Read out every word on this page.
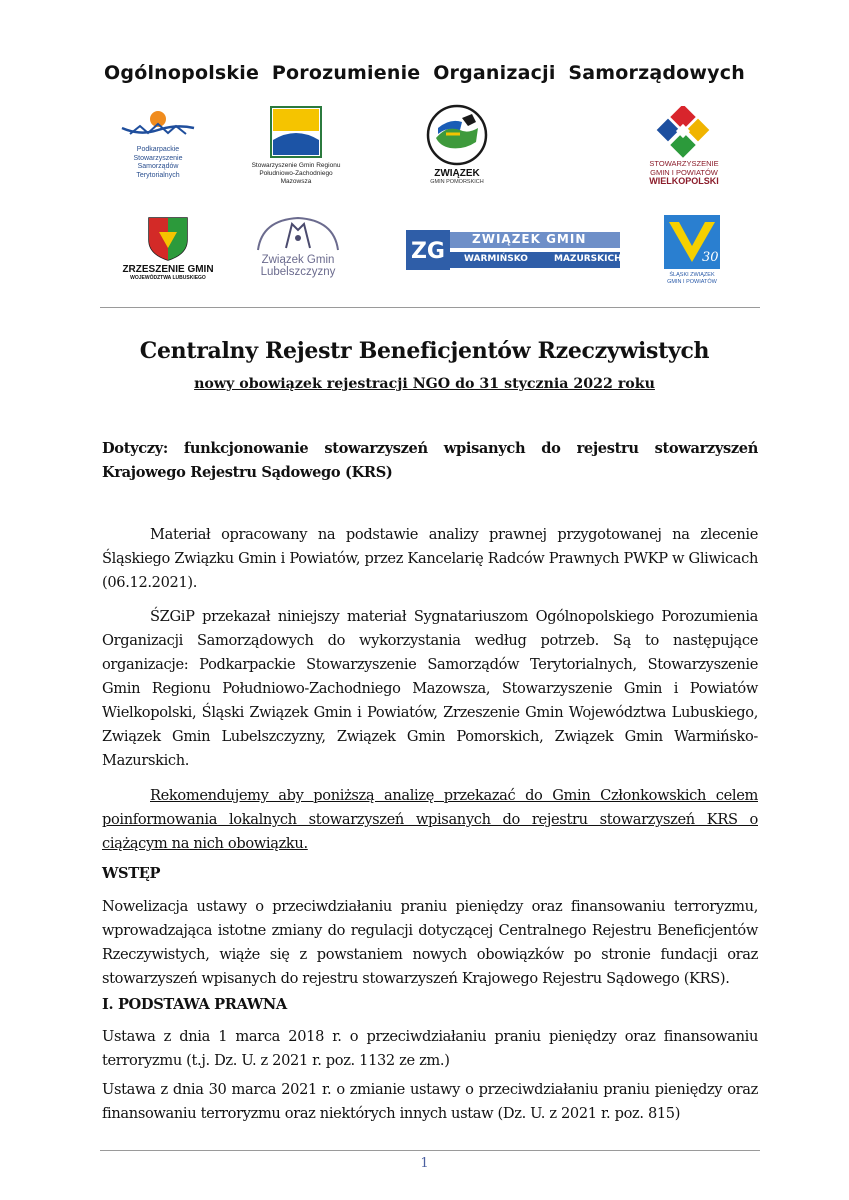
Ogólnopolskie Porozumienie Organizacji Samorządowych
Podkarpackie
Stowarzyszenie
Samorządów
Terytorialnych
Stowarzyszenie Gmin Regionu
Południowo-Zachodniego
Mazowsza
ZWIĄZEK
GMIN POMORSKICH
STOWARZYSZENIE
GMIN I POWIATÓW
WIELKOPOLSKI
ZRZESZENIE GMIN
WOJEWÓDZTWA LUBUSKIEGO
Związek Gmin
Lubelszczyzny
ZG ZWIĄZEK GMIN
WARMIŃSKO	MAZURSKICH	30
ŚLĄSKI ZWIĄZEK
GMIN I POWIATÓW
Centralny Rejestr Beneficjentów Rzeczywistych
nowy obowiązek rejestracji NGO do 31 stycznia 2022 roku

Dotyczy: funkcjonowanie stowarzyszeń wpisanych do rejestru stowarzyszeń Krajowego Rejestru Sądowego (KRS)

Materiał opracowany na podstawie analizy prawnej przygotowanej na zlecenie Śląskiego Związku Gmin i Powiatów, przez Kancelarię Radców Prawnych PWKP w Gliwicach (06.12.2021).

ŚZGiP przekazał niniejszy materiał Sygnatariuszom Ogólnopolskiego Porozumienia Organizacji Samorządowych do wykorzystania według potrzeb. Są to następujące organizacje: Podkarpackie Stowarzyszenie Samorządów Terytorialnych, Stowarzyszenie Gmin Regionu Południowo-Zachodniego Mazowsza, Stowarzyszenie Gmin i Powiatów Wielkopolski, Śląski Związek Gmin i Powiatów, Zrzeszenie Gmin Województwa Lubuskiego, Związek Gmin Lubelszczyzny, Związek Gmin Pomorskich, Związek Gmin Warmińsko-Mazurskich.

Rekomendujemy aby poniższą analizę przekazać do Gmin Członkowskich celem poinformowania lokalnych stowarzyszeń wpisanych do rejestru stowarzyszeń KRS o ciążącym na nich obowiązku.

WSTĘP

Nowelizacja ustawy o przeciwdziałaniu praniu pieniędzy oraz finansowaniu terroryzmu, wprowadzająca istotne zmiany do regulacji dotyczącej Centralnego Rejestru Beneficjentów Rzeczywistych, wiąże się z powstaniem nowych obowiązków po stronie fundacji oraz stowarzyszeń wpisanych do rejestru stowarzyszeń Krajowego Rejestru Sądowego (KRS).

I. PODSTAWA PRAWNA

Ustawa z dnia 1 marca 2018 r. o przeciwdziałaniu praniu pieniędzy oraz finansowaniu terroryzmu (t.j. Dz. U. z 2021 r. poz. 1132 ze zm.)

Ustawa z dnia 30 marca 2021 r. o zmianie ustawy o przeciwdziałaniu praniu pieniędzy oraz finansowaniu terroryzmu oraz niektórych innych ustaw (Dz. U. z 2021 r. poz. 815)

1
